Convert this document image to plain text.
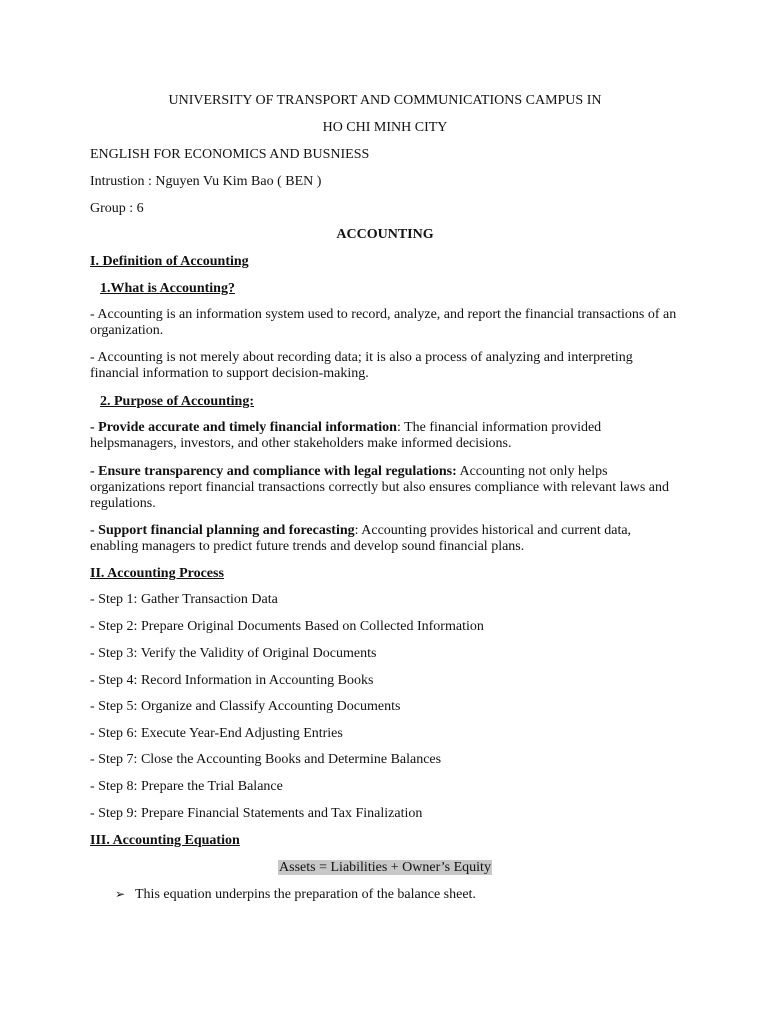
UNIVERSITY OF TRANSPORT AND COMMUNICATIONS CAMPUS IN
HO CHI MINH CITY
ENGLISH FOR ECONOMICS AND BUSNIESS
Intrustion : Nguyen Vu Kim Bao ( BEN )
Group : 6
ACCOUNTING
I. Definition of Accounting
1.What is Accounting?
- Accounting is an information system used to record, analyze, and report the financial transactions of an organization.
- Accounting is not merely about recording data; it is also a process of analyzing and interpreting financial information to support decision-making.
2. Purpose of Accounting:
- Provide accurate and timely financial information: The financial information provided helpsmanagers, investors, and other stakeholders make informed decisions.
- Ensure transparency and compliance with legal regulations: Accounting not only helps organizations report financial transactions correctly but also ensures compliance with relevant laws and regulations.
- Support financial planning and forecasting: Accounting provides historical and current data, enabling managers to predict future trends and develop sound financial plans.
II. Accounting Process
- Step 1: Gather Transaction Data
- Step 2: Prepare Original Documents Based on Collected Information
- Step 3: Verify the Validity of Original Documents
- Step 4: Record Information in Accounting Books
- Step 5: Organize and Classify Accounting Documents
- Step 6: Execute Year-End Adjusting Entries
- Step 7: Close the Accounting Books and Determine Balances
- Step 8: Prepare the Trial Balance
- Step 9: Prepare Financial Statements and Tax Finalization
III. Accounting Equation
Assets = Liabilities + Owner’s Equity
➢ This equation underpins the preparation of the balance sheet.
